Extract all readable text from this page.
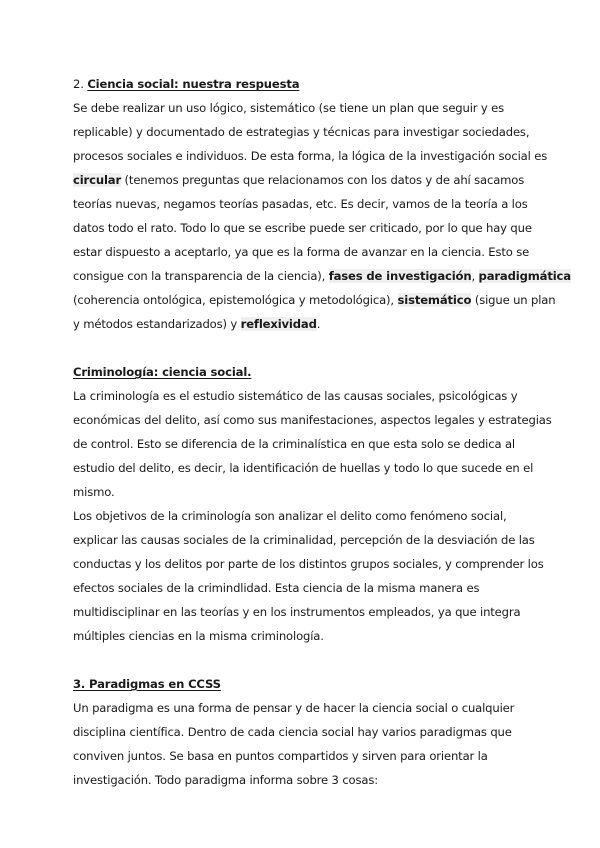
2. Ciencia social: nuestra respuesta
Se debe realizar un uso lógico, sistemático (se tiene un plan que seguir y es
replicable) y documentado de estrategias y técnicas para investigar sociedades,
procesos sociales e individuos. De esta forma, la lógica de la investigación social es
circular (tenemos preguntas que relacionamos con los datos y de ahí sacamos
teorías nuevas, negamos teorías pasadas, etc. Es decir, vamos de la teoría a los
datos todo el rato. Todo lo que se escribe puede ser criticado, por lo que hay que
estar dispuesto a aceptarlo, ya que es la forma de avanzar en la ciencia. Esto se
consigue con la transparencia de la ciencia), fases de investigación, paradigmática
(coherencia ontológica, epistemológica y metodológica), sistemático (sigue un plan
y métodos estandarizados) y reflexividad.
Criminología: ciencia social.
La criminología es el estudio sistemático de las causas sociales, psicológicas y
económicas del delito, así como sus manifestaciones, aspectos legales y estrategias
de control. Esto se diferencia de la criminalística en que esta solo se dedica al
estudio del delito, es decir, la identificación de huellas y todo lo que sucede en el
mismo.
Los objetivos de la criminología son analizar el delito como fenómeno social,
explicar las causas sociales de la criminalidad, percepción de la desviación de las
conductas y los delitos por parte de los distintos grupos sociales, y comprender los
efectos sociales de la crimindlidad. Esta ciencia de la misma manera es
multidisciplinar en las teorías y en los instrumentos empleados, ya que integra
múltiples ciencias en la misma criminología.
3. Paradigmas en CCSS
Un paradigma es una forma de pensar y de hacer la ciencia social o cualquier
disciplina científica. Dentro de cada ciencia social hay varios paradigmas que
conviven juntos. Se basa en puntos compartidos y sirven para orientar la
investigación. Todo paradigma informa sobre 3 cosas:
